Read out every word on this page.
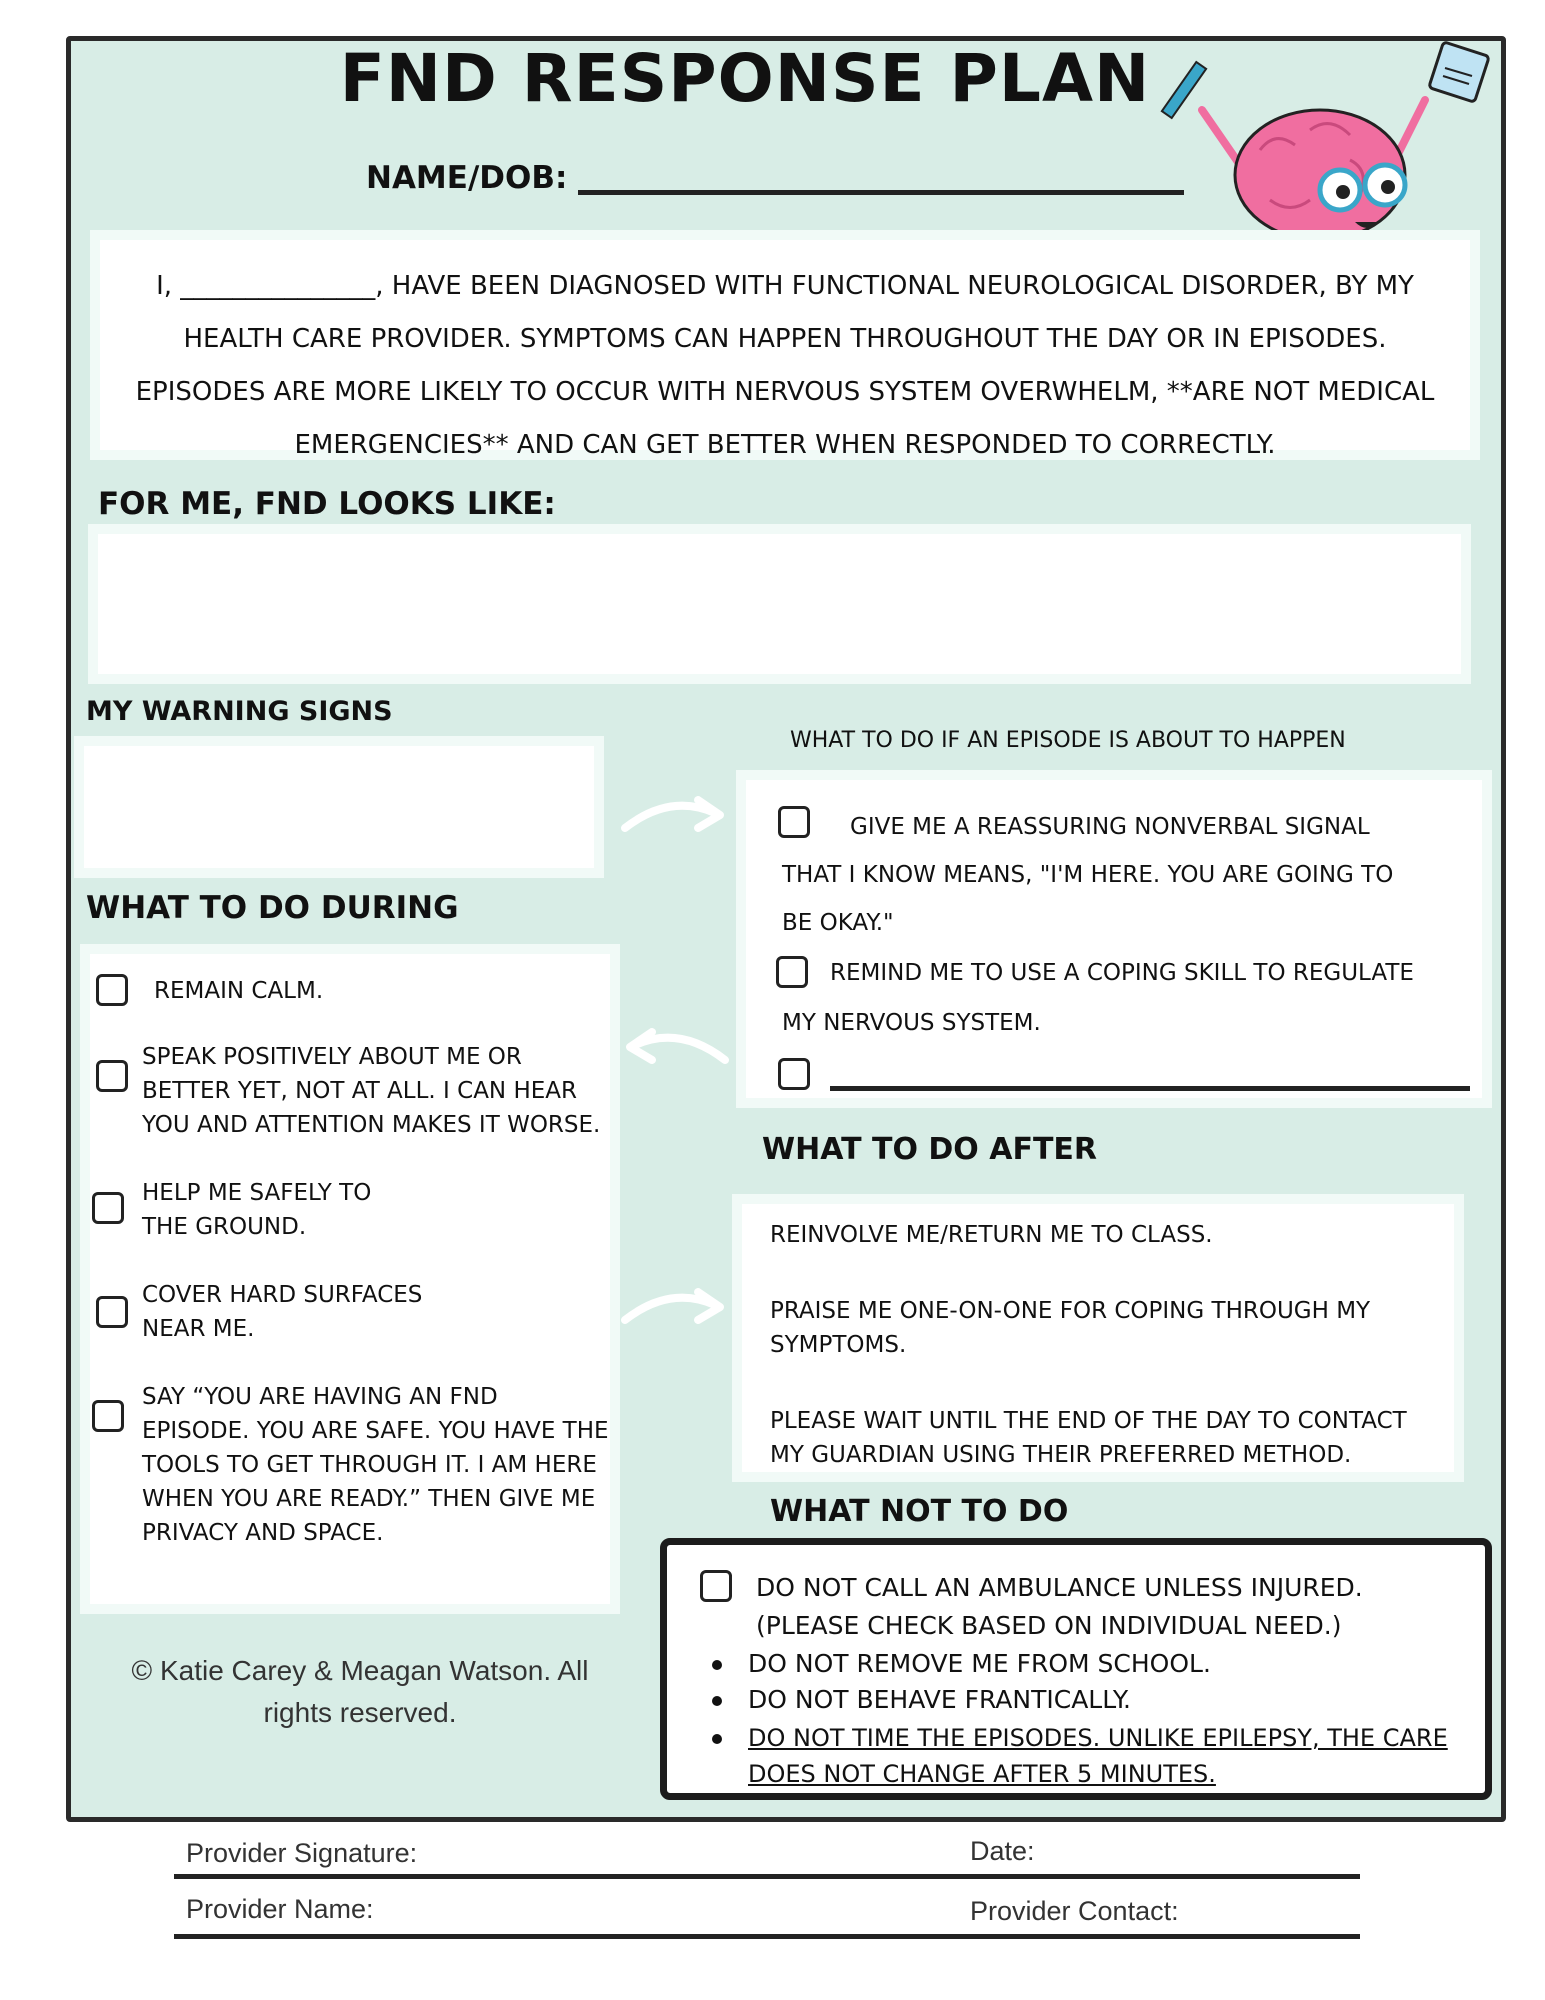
FND RESPONSE PLAN
NAME/DOB:
I, _______________, HAVE BEEN DIAGNOSED WITH FUNCTIONAL NEUROLOGICAL DISORDER, BY MY HEALTH CARE PROVIDER. SYMPTOMS CAN HAPPEN THROUGHOUT THE DAY OR IN EPISODES. EPISODES ARE MORE LIKELY TO OCCUR WITH NERVOUS SYSTEM OVERWHELM, **ARE NOT MEDICAL EMERGENCIES** AND CAN GET BETTER WHEN RESPONDED TO CORRECTLY.
FOR ME, FND LOOKS LIKE:
MY WARNING SIGNS
WHAT TO DO IF AN EPISODE IS ABOUT TO HAPPEN
GIVE ME A REASSURING NONVERBAL SIGNAL
THAT I KNOW MEANS, "I'M HERE. YOU ARE GOING TO
BE OKAY."
REMIND ME TO USE A COPING SKILL TO REGULATE
MY NERVOUS SYSTEM.
WHAT TO DO DURING
REMAIN CALM.
SPEAK POSITIVELY ABOUT ME OR BETTER YET, NOT AT ALL. I CAN HEAR YOU AND ATTENTION MAKES IT WORSE.
HELP ME SAFELY TO THE GROUND.
COVER HARD SURFACES NEAR ME.
SAY “YOU ARE HAVING AN FND EPISODE. YOU ARE SAFE. YOU HAVE THE TOOLS TO GET THROUGH IT. I AM HERE WHEN YOU ARE READY.” THEN GIVE ME PRIVACY AND SPACE.
© Katie Carey & Meagan Watson. All rights reserved.
WHAT TO DO AFTER
REINVOLVE ME/RETURN ME TO CLASS.
PRAISE ME ONE-ON-ONE FOR COPING THROUGH MY SYMPTOMS.
PLEASE WAIT UNTIL THE END OF THE DAY TO CONTACT MY GUARDIAN USING THEIR PREFERRED METHOD.
WHAT NOT TO DO
DO NOT CALL AN AMBULANCE UNLESS INJURED.
(PLEASE CHECK BASED ON INDIVIDUAL NEED.)
DO NOT REMOVE ME FROM SCHOOL.
DO NOT BEHAVE FRANTICALLY.
DO NOT TIME THE EPISODES. UNLIKE EPILEPSY, THE CARE
DOES NOT CHANGE AFTER 5 MINUTES.
Provider Signature:	Date:
Provider Name:	Provider Contact:
